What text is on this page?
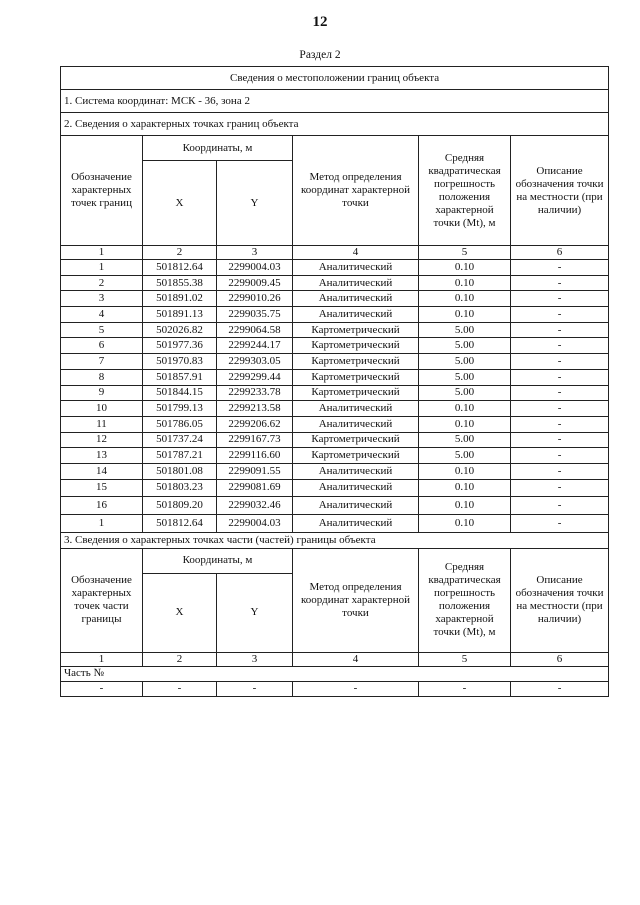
12
Раздел 2
Сведения о местоположении границ объекта					
1. Система координат: МСК - 36, зона 2					
2. Сведения о характерных точках границ объекта					
Обозначение характерных точек границ	Координаты, м		Метод определения координат характерной точки	Средняя квадратическая погрешность положения характерной точки (Mt), м	Описание обозначения точки на местности (при наличии)
	X	Y			
1	2	3	4	5	6
1	501812.64	2299004.03	Аналитический	0.10	-
2	501855.38	2299009.45	Аналитический	0.10	-
3	501891.02	2299010.26	Аналитический	0.10	-
4	501891.13	2299035.75	Аналитический	0.10	-
5	502026.82	2299064.58	Картометрический	5.00	-
6	501977.36	2299244.17	Картометрический	5.00	-
7	501970.83	2299303.05	Картометрический	5.00	-
8	501857.91	2299299.44	Картометрический	5.00	-
9	501844.15	2299233.78	Картометрический	5.00	-
10	501799.13	2299213.58	Аналитический	0.10	-
11	501786.05	2299206.62	Аналитический	0.10	-
12	501737.24	2299167.73	Картометрический	5.00	-
13	501787.21	2299116.60	Картометрический	5.00	-
14	501801.08	2299091.55	Аналитический	0.10	-
15	501803.23	2299081.69	Аналитический	0.10	-
16	501809.20	2299032.46	Аналитический	0.10	-
1	501812.64	2299004.03	Аналитический	0.10	-
3. Сведения о характерных точках части (частей) границы объекта					
Обозначение характерных точек части границы	Координаты, м		Метод определения координат характерной точки	Средняя квадратическая погрешность положения характерной точки (Mt), м	Описание обозначения точки на местности (при наличии)
	X	Y			
1	2	3	4	5	6
Часть №					
-	-	-	-	-	-
